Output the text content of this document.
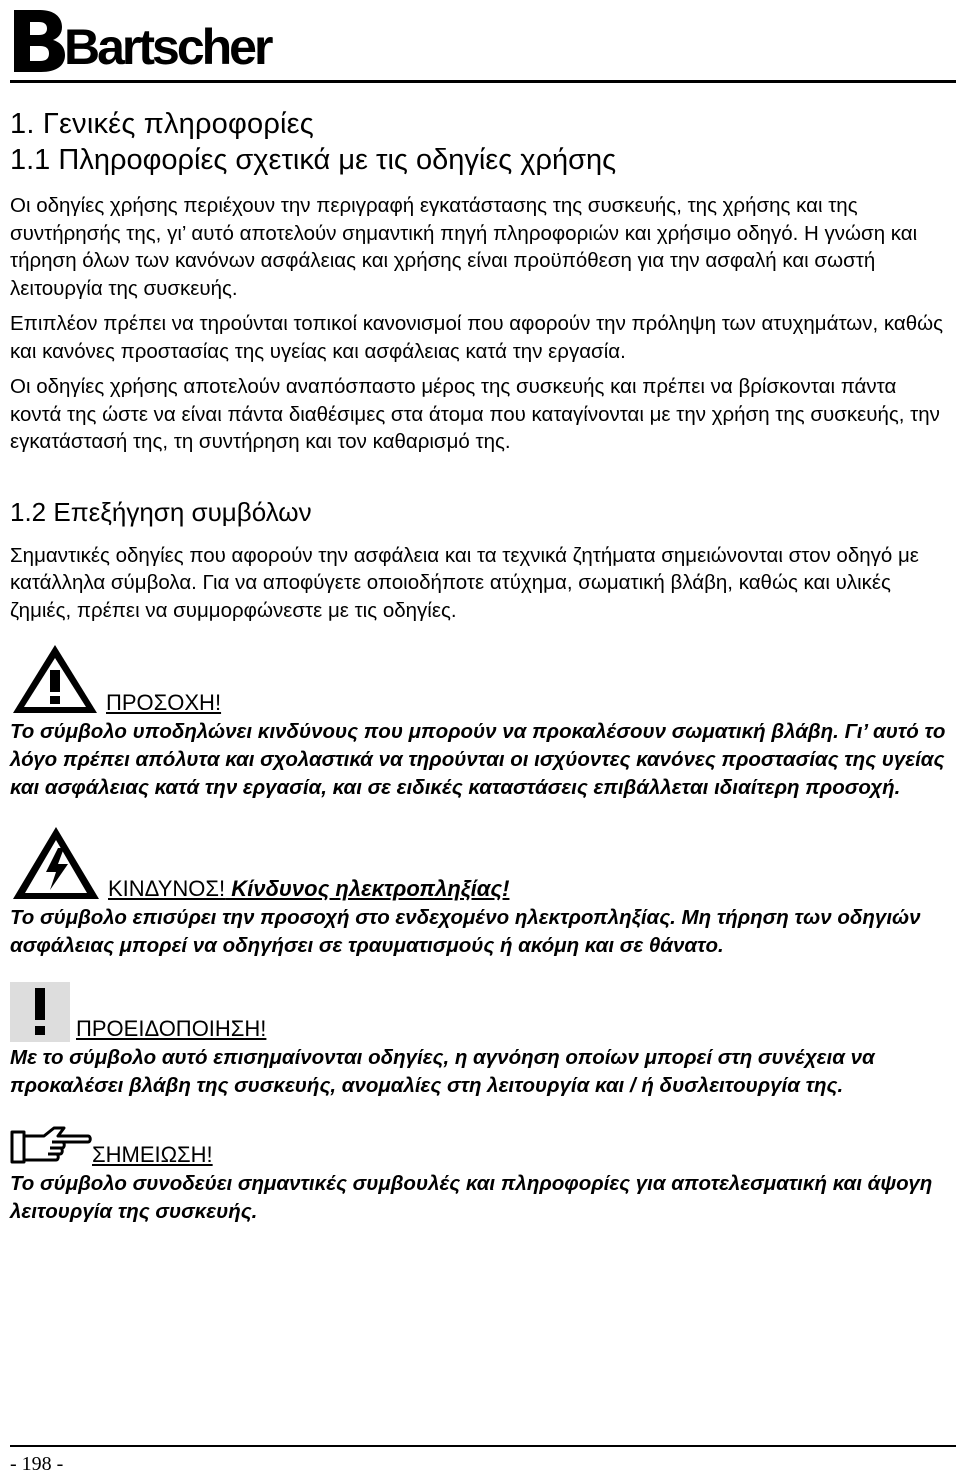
Bartscher
1. Γενικές πληροφορίες
1.1 Πληροφορίες σχετικά με τις οδηγίες χρήσης

Οι οδηγίες χρήσης περιέχουν την περιγραφή εγκατάστασης της συσκευής, της χρήσης και της συντήρησής της, γι’ αυτό αποτελούν σημαντική πηγή πληροφοριών και χρήσιμο οδηγό. Η γνώση και τήρηση όλων των κανόνων ασφάλειας και χρήσης είναι προϋπόθεση για την ασφαλή και σωστή λειτουργία της συσκευής.

Επιπλέον πρέπει να τηρούνται τοπικοί κανονισμοί που αφορούν την πρόληψη των ατυχημάτων, καθώς και κανόνες προστασίας της υγείας και ασφάλειας κατά την εργασία.

Οι οδηγίες χρήσης αποτελούν αναπόσπαστο μέρος της συσκευής και πρέπει να βρίσκονται πάντα κοντά της ώστε να είναι πάντα διαθέσιμες στα άτομα που καταγίνονται με την χρήση της συσκευής, την εγκατάστασή της, τη συντήρηση και τον καθαρισμό της.

1.2 Επεξήγηση συμβόλων

Σημαντικές οδηγίες που αφορούν την ασφάλεια και τα τεχνικά ζητήματα σημειώνονται στον οδηγό με κατάλληλα σύμβολα. Για να αποφύγετε οποιοδήποτε ατύχημα, σωματική βλάβη, καθώς και υλικές ζημιές, πρέπει να συμμορφώνεστε με τις οδηγίες.

ΠΡΟΣΟΧΗ!

Το σύμβολο υποδηλώνει κινδύνους που μπορούν να προκαλέσουν σωματική βλάβη. Γι’ αυτό το λόγο πρέπει απόλυτα και σχολαστικά να τηρούνται οι ισχύοντες κανόνες προστασίας της υγείας και ασφάλειας κατά την εργασία, και σε ειδικές καταστάσεις επιβάλλεται ιδιαίτερη προσοχή.

ΚΙΝΔΥΝΟΣ! Κίνδυνος ηλεκτροπληξίας!

Το σύμβολο επισύρει την προσοχή στο ενδεχομένο ηλεκτροπληξίας. Μη τήρηση των οδηγιών ασφάλειας μπορεί να οδηγήσει σε τραυματισμούς ή ακόμη και σε θάνατο.

ΠΡΟΕΙΔΟΠΟΙΗΣΗ!

Με το σύμβολο αυτό επισημαίνονται οδηγίες, η αγνόηση οποίων μπορεί στη συνέχεια να προκαλέσει βλάβη της συσκευής, ανομαλίες στη λειτουργία και / ή δυσλειτουργία της.

ΣΗΜΕΙΩΣΗ!

Το σύμβολο συνοδεύει σημαντικές συμβουλές και πληροφορίες για αποτελεσματική και άψογη λειτουργία της συσκευής.

- 198 -
